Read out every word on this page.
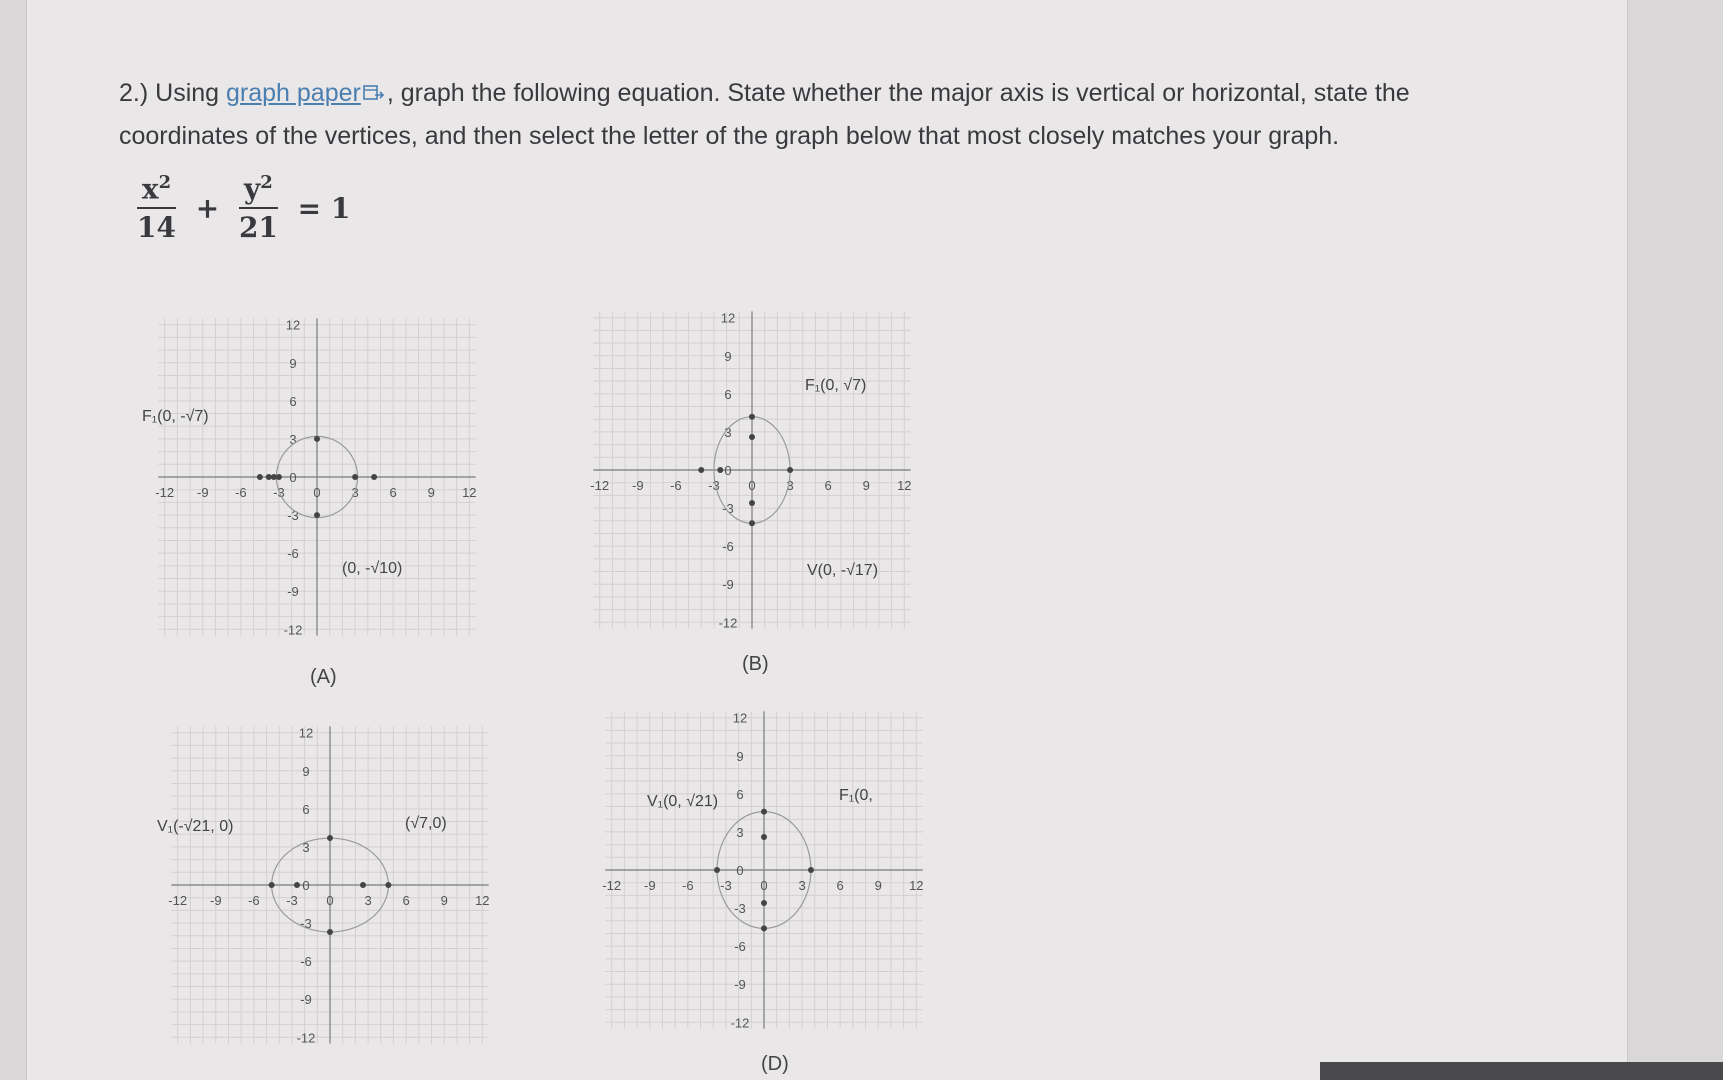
2.) Using graph paper , graph the following equation. State whether the major axis is vertical or horizontal, state the coordinates of the vertices, and then select the letter of the graph below that most closely matches your graph.
$\frac{x^2}{14} + \frac{y^2}{21} = 1$
-12 -9 -6 -3 0 3 6 9 12
12
9
6
3
0
-3
-6
-9
-12
(A)
F₁(0, -√7)
(0, -√10)
-12 -9 -6 -3 0 3 6 9 12
12
9
6
3
0
-3
-6
-9
-12
(B)
F₁(0, √7)
V(0, -√17)
-12 -9 -6 -3 0 3 6 9 12
12
9
6
3
0
-3
-6
-9
-12
V₁(-√21, 0)	(√7,0)
-12 -9 -6 -3 0 3 6 9 12
12
9
6
3
0
-3
-6
-9
-12
(D)
V₁(0, √21)	F₁(0,
